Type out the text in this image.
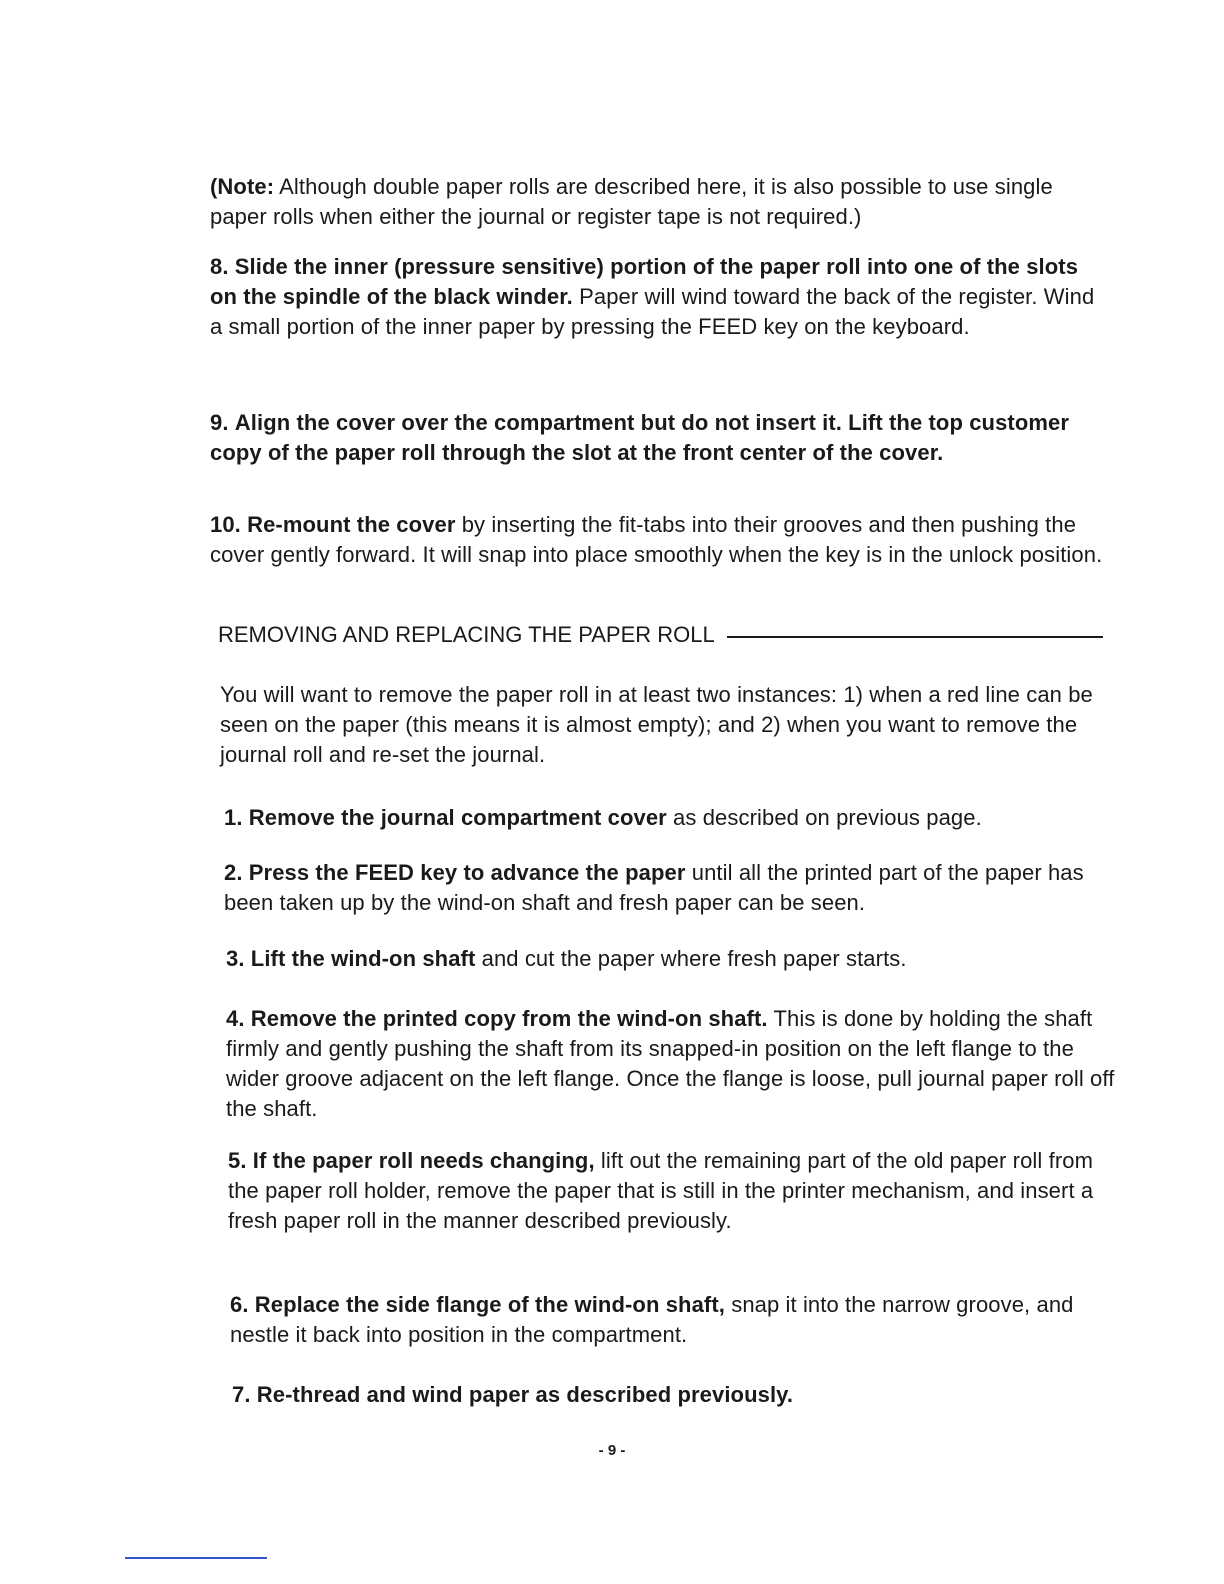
(Note: Although double paper rolls are described here, it is also possible to use single paper rolls when either the journal or register tape is not required.)

8. Slide the inner (pressure sensitive) portion of the paper roll into one of the slots on the spindle of the black winder. Paper will wind toward the back of the register. Wind a small portion of the inner paper by pressing the FEED key on the keyboard.

9. Align the cover over the compartment but do not insert it. Lift the top customer copy of the paper roll through the slot at the front center of the cover.

10. Re-mount the cover by inserting the fit-tabs into their grooves and then pushing the cover gently forward. It will snap into place smoothly when the key is in the unlock position.

REMOVING AND REPLACING THE PAPER ROLL

You will want to remove the paper roll in at least two instances: 1) when a red line can be seen on the paper (this means it is almost empty); and 2) when you want to remove the journal roll and re-set the journal.

1. Remove the journal compartment cover as described on previous page.

2. Press the FEED key to advance the paper until all the printed part of the paper has been taken up by the wind-on shaft and fresh paper can be seen.

3. Lift the wind-on shaft and cut the paper where fresh paper starts.

4. Remove the printed copy from the wind-on shaft. This is done by holding the shaft firmly and gently pushing the shaft from its snapped-in position on the left flange to the wider groove adjacent on the left flange. Once the flange is loose, pull journal paper roll off the shaft.

5. If the paper roll needs changing, lift out the remaining part of the old paper roll from the paper roll holder, remove the paper that is still in the printer mechanism, and insert a fresh paper roll in the manner described previously.

6. Replace the side flange of the wind-on shaft, snap it into the narrow groove, and nestle it back into position in the compartment.

7. Re-thread and wind paper as described previously.

- 9 -
